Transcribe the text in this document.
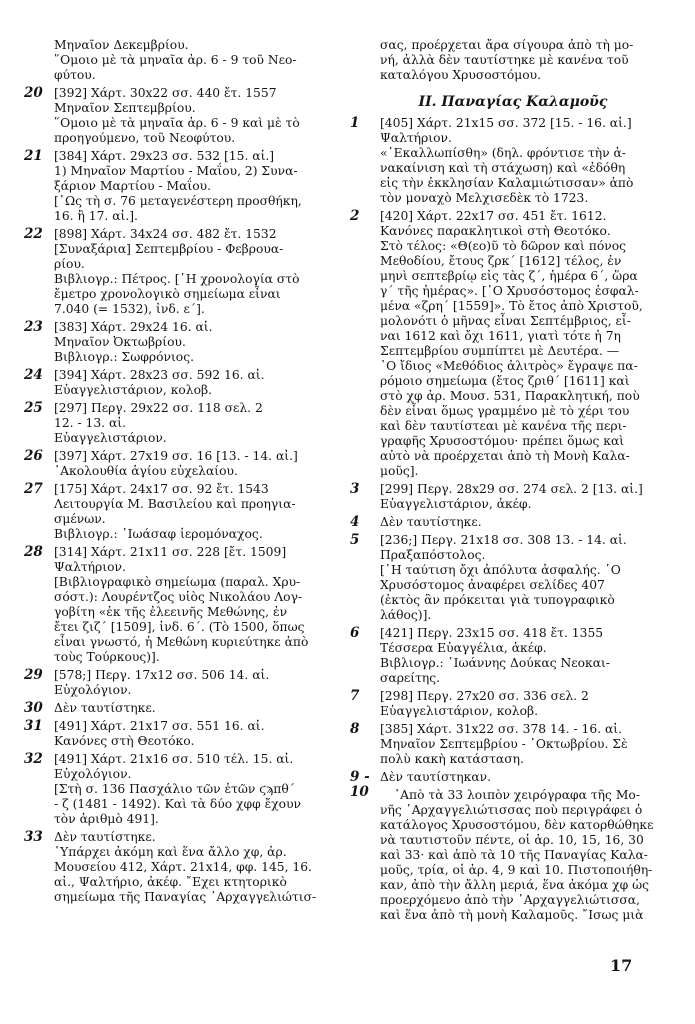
Μηναῖον Δεκεμβρίου.
῞Ομοιο μὲ τὰ μηναῖα ἀρ. 6 - 9 τοῦ Νεο-
φύτου.
20 [392] Χάρτ. 30x22 σσ. 440 ἔτ. 1557
Μηναῖον Σεπτεμβρίου.
῞Ομοιο μὲ τὰ μηναῖα ἀρ. 6 - 9 καὶ μὲ τὸ
προηγούμενο, τοῦ Νεοφύτου.
21 [384] Χάρτ. 29x23 σσ. 532 [15. αἰ.]
1) Μηναῖον Μαρτίου - Μαΐου, 2) Συνα-
ξάριον Μαρτίου - Μαΐου.
[῾Ως τὴ σ. 76 μεταγενέστερη προσθήκη,
16. ἢ 17. αἰ.].
22 [898] Χάρτ. 34x24 σσ. 482 ἔτ. 1532
[Συναξάρια] Σεπτεμβρίου - Φεβρουα-
ρίου.
Βιβλιογρ.: Πέτρος. [῾Η χρονολογία στὸ
ἔμετρο χρονολογικὸ σημείωμα εἶναι
7.040 (= 1532), ἰνδ. ε´].
23 [383] Χάρτ. 29x24 16. αἰ.
Μηναῖον Ὀκτωβρίου.
Βιβλιογρ.: Σωφρόνιος.
24 [394] Χάρτ. 28x23 σσ. 592 16. αἰ.
Εὐαγγελιστάριον, κολοβ.
25 [297] Περγ. 29x22 σσ. 118 σελ. 2
12. - 13. αἰ.
Εὐαγγελιστάριον.
26 [397] Χάρτ. 27x19 σσ. 16 [13. - 14. αἰ.]
᾽Ακολουθία ἁγίου εὐχελαίου.
27 [175] Χάρτ. 24x17 σσ. 92 ἔτ. 1543
Λειτουργία Μ. Βασιλείου καὶ προηγια-
σμένων.
Βιβλιογρ.: ᾽Ιωάσαφ ἱερομόναχος.
28 [314] Χάρτ. 21x11 σσ. 228 [ἔτ. 1509]
Ψαλτήριον.
[Βιβλιογραφικὸ σημείωμα (παραλ. Χρυ-
σόστ.): Λουρέντζος υἱὸς Νικολάου Λογ-
γοβίτη «ἐκ τῆς ἐλεεινῆς Μεθώνης, ἐν
ἔτει ζιζ´ [1509], ἰνδ. 6´. (Τὸ 1500, ὅπως
εἶναι γνωστό, ἡ Μεθώνη κυριεύτηκε ἀπὸ
τοὺς Τούρκους)].
29 [578;] Περγ. 17x12 σσ. 506 14. αἰ.
Εὐχολόγιον.
30 Δὲν ταυτίστηκε.
31 [491] Χάρτ. 21x17 σσ. 551 16. αἰ.
Κανόνες στὴ Θεοτόκο.
32 [491] Χάρτ. 21x16 σσ. 510 τέλ. 15. αἰ.
Εὐχολόγιον.
[Στὴ σ. 136 Πασχάλιο τῶν ἐτῶν ϛϡπθ´
- ζ (1481 - 1492). Καὶ τὰ δύο χφφ ἔχουν
τὸν ἀριθμὸ 491].
33 Δὲν ταυτίστηκε.
῾Υπάρχει ἀκόμη καὶ ἕνα ἄλλο χφ, ἀρ.
Μουσείου 412, Χάρτ. 21x14, φφ. 145, 16.
αἰ., Ψαλτήριο, ἀκέφ. ῎Εχει κτητορικὸ
σημείωμα τῆς Παναγίας ᾽Αρχαγγελιώτισ-
σας, προέρχεται ἄρα σίγουρα ἀπὸ τὴ μο-
νή, ἀλλὰ δὲν ταυτίστηκε μὲ κανένα τοῦ
καταλόγου Χρυσοστόμου.
ΙΙ. Παναγίας Καλαμοῦς
1	[405] Χάρτ. 21x15 σσ. 372 [15. - 16. αἰ.]
Ψαλτήριον.
«᾽Εκαλλωπίσθη» (δηλ. φρόντισε τὴν ἀ-
νακαίνιση καὶ τὴ στάχωση) καὶ «ἐδόθη
εἰς τὴν ἐκκλησίαν Καλαμιώτισσαν» ἀπὸ
τὸν μοναχὸ Μελχισεδὲκ τὸ 1723.
2	[420] Χάρτ. 22x17 σσ. 451 ἔτ. 1612.
Κανόνες παρακλητικοὶ στὴ Θεοτόκο.
Στὸ τέλος: «Θ(εο)ῦ τὸ δῶρον καὶ πόνος
Μεθοδίου, ἔτους ζρκ´ [1612] τέλος, ἐν
μηνὶ σεπτεβρίῳ εἰς τὰς ζ´, ἡμέρα 6´, ὥρα
γ´ τῆς ἡμέρας». [῾Ο Χρυσόστομος ἐσφαλ-
μένα «ζρη´ [1559]». Τὸ ἔτος ἀπὸ Χριστοῦ,
μολονότι ὁ μῆνας εἶναι Σεπτέμβριος, εἶ-
ναι 1612 καὶ ὄχι 1611, γιατὶ τότε ἡ 7η
Σεπτεμβρίου συμπίπτει μὲ Δευτέρα. —
῾Ο ἴδιος «Μεθόδιος ἀλιτρὸς» ἔγραψε πα-
ρόμοιο σημείωμα (ἔτος ζριθ´ [1611] καὶ
στὸ χφ ἀρ. Μουσ. 531, Παρακλητική, ποὺ
δὲν εἶναι ὅμως γραμμένο μὲ τὸ χέρι του
καὶ δὲν ταυτίστεαι μὲ κανένα τῆς περι-
γραφῆς Χρυσοστόμου· πρέπει ὅμως καὶ
αὐτὸ νὰ προέρχεται ἀπὸ τὴ Μονὴ Καλα-
μοῦς].
3	[299] Περγ. 28x29 σσ. 274 σελ. 2 [13. αἰ.]
Εὐαγγελιστάριον, ἀκέφ.
4	Δὲν ταυτίστηκε.
5	[236;] Περγ. 21x18 σσ. 308 13. - 14. αἰ.
Πραξαπόστολος.
[῾Η ταύτιση ὄχι ἀπόλυτα ἀσφαλής. ῾Ο
Χρυσόστομος ἀναφέρει σελίδες 407
(ἐκτὸς ἂν πρόκειται γιὰ τυπογραφικὸ
λάθος)].
6	[421] Περγ. 23x15 σσ. 418 ἔτ. 1355
Τέσσερα Εὐαγγέλια, ἀκέφ.
Βιβλιογρ.: ᾽Ιωάννης Δούκας Νεοκαι-
σαρείτης.
7	[298] Περγ. 27x20 σσ. 336 σελ. 2
Εὐαγγελιστάριον, κολοβ.
8	[385] Χάρτ. 31x22 σσ. 378 14. - 16. αἰ.
Μηναῖον Σεπτεμβρίου - ᾽Οκτωβρίου. Σὲ
πολὺ κακὴ κατάσταση.
9 - 10
Δὲν ταυτίστηκαν.
᾽Απὸ τὰ 33 λοιπὸν χειρόγραφα τῆς Μο-
νῆς ᾽Αρχαγγελιώτισσας ποὺ περιγράφει ὁ
κατάλογος Χρυσοστόμου, δὲν κατορθώθηκε
νὰ ταυτιστοῦν πέντε, οἱ ἀρ. 10, 15, 16, 30
καὶ 33· καὶ ἀπὸ τὰ 10 τῆς Παναγίας Καλα-
μοῦς, τρία, οἱ ἀρ. 4, 9 καὶ 10. Πιστοποιήθη-
καν, ἀπὸ τὴν ἄλλη μεριά, ἕνα ἀκόμα χφ ὡς
προερχόμενο ἀπὸ τὴν ᾽Αρχαγγελιώτισσα,
καὶ ἕνα ἀπὸ τὴ μονὴ Καλαμοῦς. ῎Ισως μιὰ
17
